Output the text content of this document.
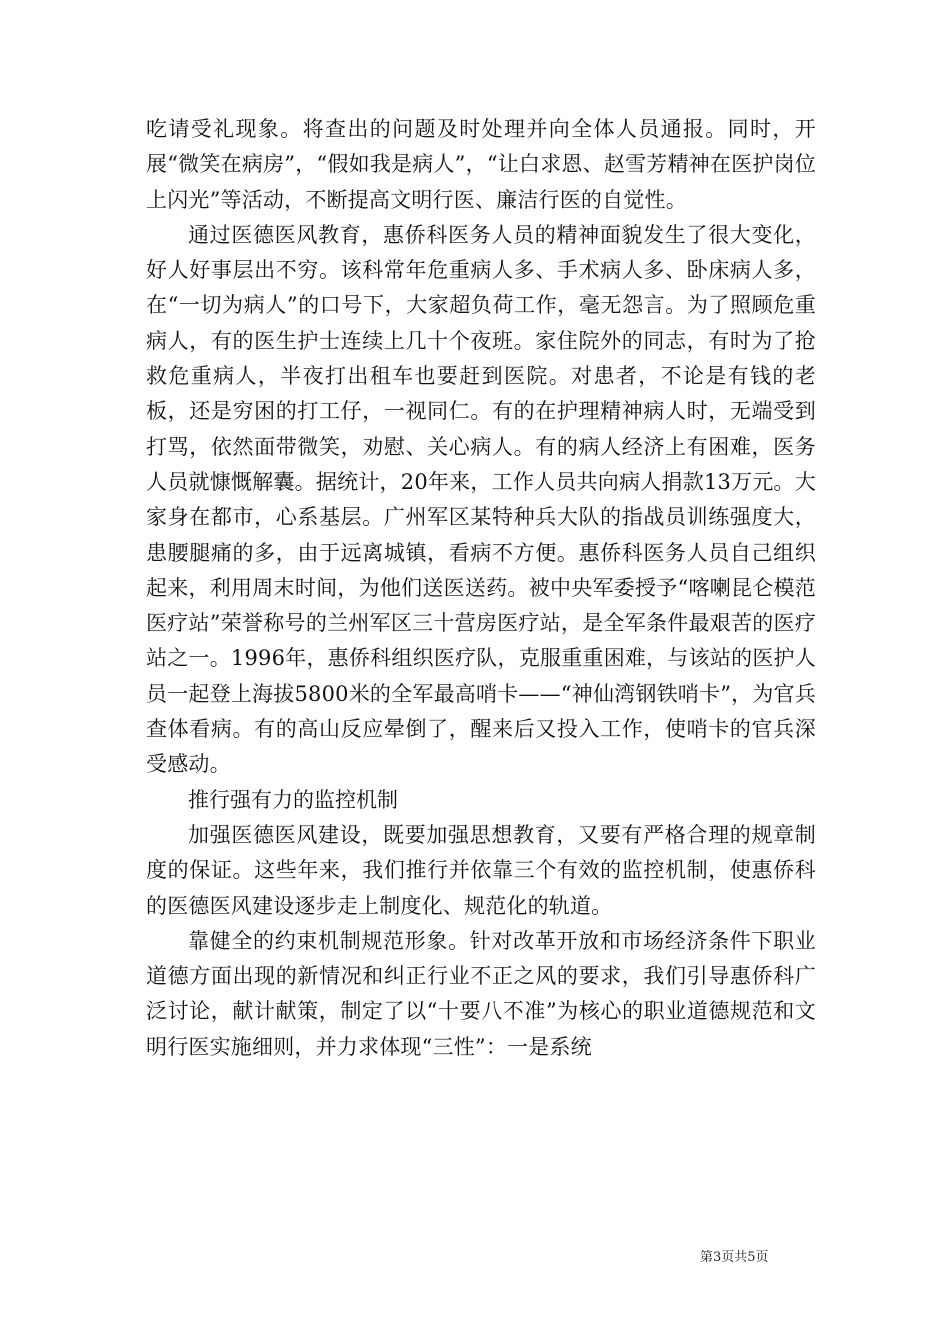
吃请受礼现象。将查出的问题及时处理并向全体人员通报。同时，开展“微笑在病房”，“假如我是病人”，“让白求恩、赵雪芳精神在医护岗位上闪光”等活动，不断提高文明行医、廉洁行医的自觉性。

通过医德医风教育，惠侨科医务人员的精神面貌发生了很大变化，好人好事层出不穷。该科常年危重病人多、手术病人多、卧床病人多，在“一切为病人”的口号下，大家超负荷工作，毫无怨言。为了照顾危重病人，有的医生护士连续上几十个夜班。家住院外的同志，有时为了抢救危重病人，半夜打出租车也要赶到医院。对患者，不论是有钱的老板，还是穷困的打工仔，一视同仁。有的在护理精神病人时，无端受到打骂，依然面带微笑，劝慰、关心病人。有的病人经济上有困难，医务人员就慷慨解囊。据统计，20年来，工作人员共向病人捐款13万元。大家身在都市，心系基层。广州军区某特种兵大队的指战员训练强度大，患腰腿痛的多，由于远离城镇，看病不方便。惠侨科医务人员自己组织起来，利用周末时间，为他们送医送药。被中央军委授予“喀喇昆仑模范医疗站”荣誉称号的兰州军区三十营房医疗站，是全军条件最艰苦的医疗站之一。1996年，惠侨科组织医疗队，克服重重困难，与该站的医护人员一起登上海拔5800米的全军最高哨卡——“神仙湾钢铁哨卡”，为官兵查体看病。有的高山反应晕倒了，醒来后又投入工作，使哨卡的官兵深受感动。

推行强有力的监控机制

加强医德医风建设，既要加强思想教育，又要有严格合理的规章制度的保证。这些年来，我们推行并依靠三个有效的监控机制，使惠侨科的医德医风建设逐步走上制度化、规范化的轨道。

靠健全的约束机制规范形象。针对改革开放和市场经济条件下职业道德方面出现的新情况和纠正行业不正之风的要求，我们引导惠侨科广泛讨论，献计献策，制定了以“十要八不准”为核心的职业道德规范和文明行医实施细则，并力求体现“三性”：一是系统

第3页共5页
